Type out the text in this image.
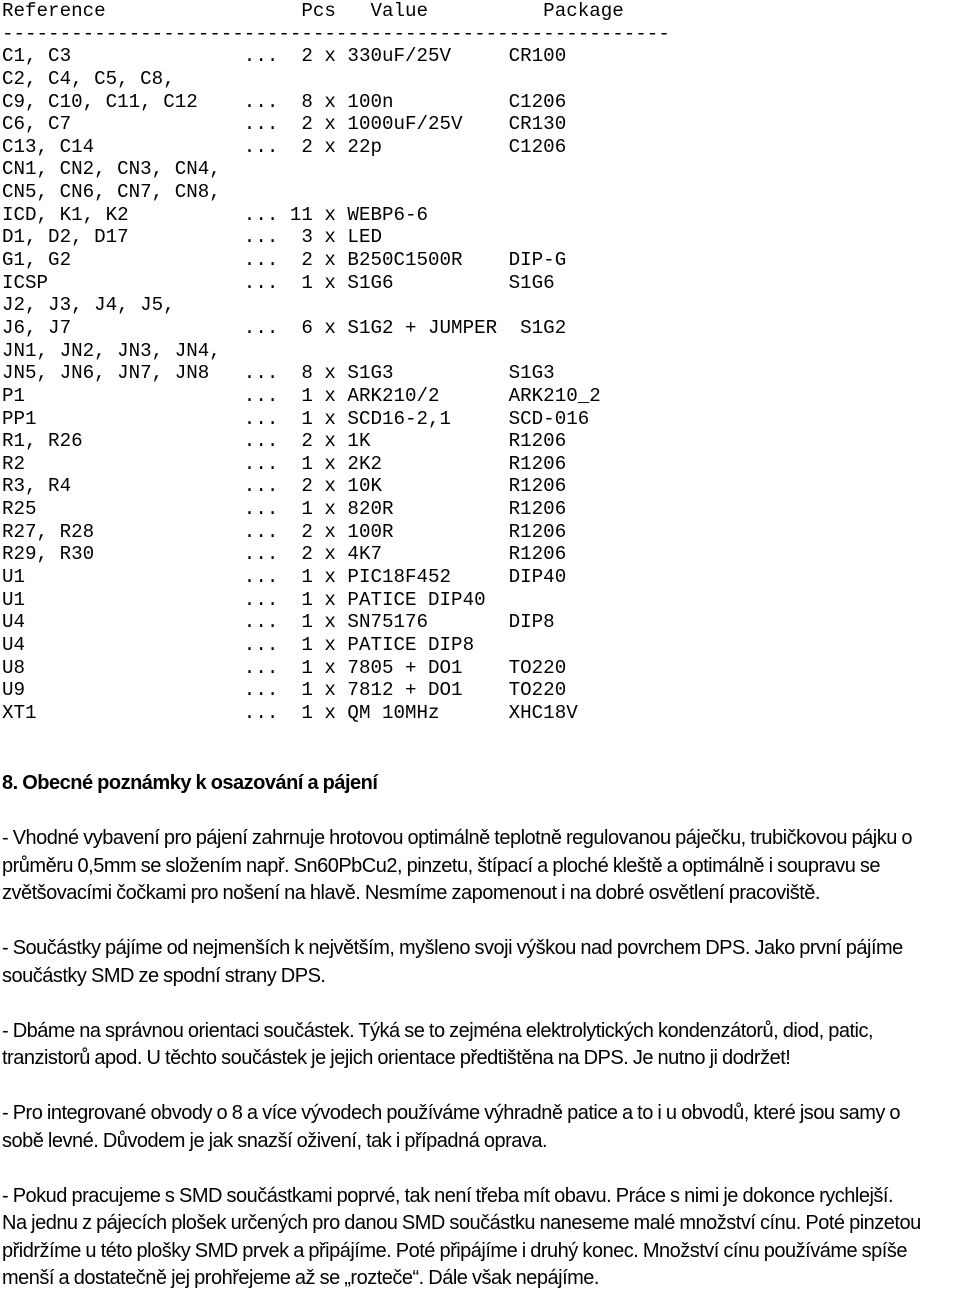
Reference                 Pcs   Value          Package
----------------------------------------------------------
C1, C3               ...  2 x 330uF/25V     CR100
C2, C4, C5, C8,
C9, C10, C11, C12    ...  8 x 100n          C1206
C6, C7               ...  2 x 1000uF/25V    CR130
C13, C14             ...  2 x 22p           C1206
CN1, CN2, CN3, CN4,
CN5, CN6, CN7, CN8,
ICD, K1, K2          ... 11 x WEBP6-6
D1, D2, D17          ...  3 x LED
G1, G2               ...  2 x B250C1500R    DIP-G
ICSP                 ...  1 x S1G6          S1G6
J2, J3, J4, J5,
J6, J7               ...  6 x S1G2 + JUMPER  S1G2
JN1, JN2, JN3, JN4,
JN5, JN6, JN7, JN8   ...  8 x S1G3          S1G3
P1                   ...  1 x ARK210/2      ARK210_2
PP1                  ...  1 x SCD16-2,1     SCD-016
R1, R26              ...  2 x 1K            R1206
R2                   ...  1 x 2K2           R1206
R3, R4               ...  2 x 10K           R1206
R25                  ...  1 x 820R          R1206
R27, R28             ...  2 x 100R          R1206
R29, R30             ...  2 x 4K7           R1206
U1                   ...  1 x PIC18F452     DIP40
U1                   ...  1 x PATICE DIP40
U4                   ...  1 x SN75176       DIP8
U4                   ...  1 x PATICE DIP8
U8                   ...  1 x 7805 + DO1    TO220
U9                   ...  1 x 7812 + DO1    TO220
XT1                  ...  1 x QM 10MHz      XHC18V

8. Obecné poznámky k osazování a pájení

- Vhodné vybavení pro pájení zahrnuje hrotovou optimálně teplotně regulovanou páječku, trubičkovou pájku o
průměru 0,5mm se složením např. Sn60PbCu2, pinzetu, štípací a ploché kleště a optimálně i soupravu se
zvětšovacími čočkami pro nošení na hlavě. Nesmíme zapomenout i na dobré osvětlení pracoviště.

- Součástky pájíme od nejmenších k největším, myšleno svoji výškou nad povrchem DPS. Jako první pájíme
součástky SMD ze spodní strany DPS.

- Dbáme na správnou orientaci součástek. Týká se to zejména elektrolytických kondenzátorů, diod, patic,
tranzistorů apod. U těchto součástek je jejich orientace předtištěna na DPS. Je nutno ji dodržet!

- Pro integrované obvody o 8 a více vývodech používáme výhradně patice a to i u obvodů, které jsou samy o
sobě levné. Důvodem je jak snazší oživení, tak i případná oprava.

- Pokud pracujeme s SMD součástkami poprvé, tak není třeba mít obavu. Práce s nimi je dokonce rychlejší.
Na jednu z pájecích plošek určených pro danou SMD součástku naneseme malé množství cínu. Poté pinzetou
přidržíme u této plošky SMD prvek a připájíme. Poté připájíme i druhý konec. Množství cínu používáme spíše
menší a dostatečně jej prohřejeme až se „rozteče“. Dále však nepájíme.
